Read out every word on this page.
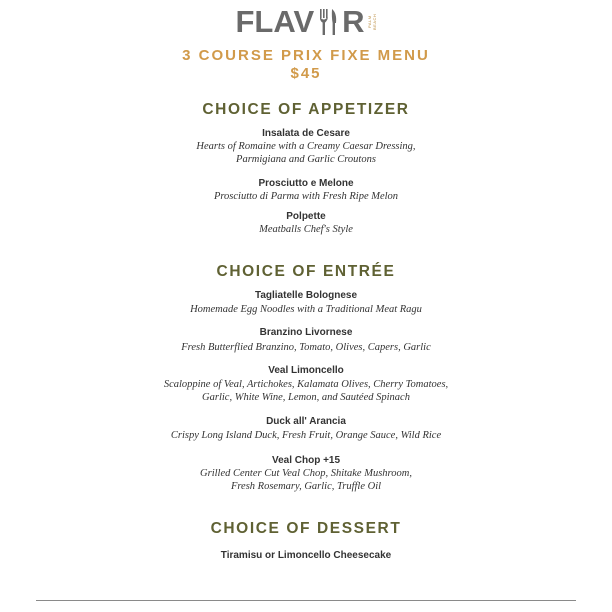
FLAV R PALM BEACH
3 COURSE PRIX FIXE MENU
$45
CHOICE OF APPETIZER
Insalata de Cesare
Hearts of Romaine with a Creamy Caesar Dressing,
Parmigiana and Garlic Croutons
Prosciutto e Melone
Prosciutto di Parma with Fresh Ripe Melon
Polpette
Meatballs Chef's Style
CHOICE OF ENTRÉE
Tagliatelle Bolognese
Homemade Egg Noodles with a Traditional Meat Ragu
Branzino Livornese
Fresh Butterflied Branzino, Tomato, Olives, Capers, Garlic
Veal Limoncello
Scaloppine of Veal, Artichokes, Kalamata Olives, Cherry Tomatoes,
Garlic, White Wine, Lemon, and Sautéed Spinach
Duck all' Arancia
Crispy Long Island Duck, Fresh Fruit, Orange Sauce, Wild Rice
Veal Chop +15
Grilled Center Cut Veal Chop, Shitake Mushroom,
Fresh Rosemary, Garlic, Truffle Oil
CHOICE OF DESSERT
Tiramisu or Limoncello Cheesecake
